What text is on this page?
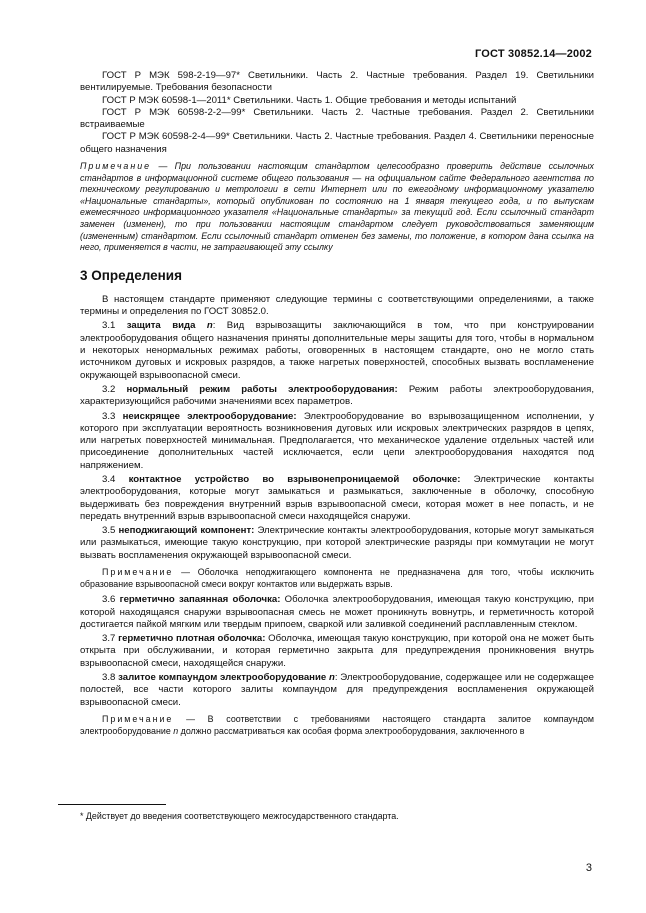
ГОСТ 30852.14—2002

ГОСТ Р МЭК 598-2-19—97* Светильники. Часть 2. Частные требования. Раздел 19. Светильники вентилируемые. Требования безопасности

ГОСТ Р МЭК 60598-1—2011* Светильники. Часть 1. Общие требования и методы испытаний

ГОСТ Р МЭК 60598-2-2—99* Светильники. Часть 2. Частные требования. Раздел 2. Светильники встраиваемые

ГОСТ Р МЭК 60598-2-4—99* Светильники. Часть 2. Частные требования. Раздел 4. Светильники переносные общего назначения

Примечание — При пользовании настоящим стандартом целесообразно проверить действие ссылочных стандартов в информационной системе общего пользования — на официальном сайте Федерального агентства по техническому регулированию и метрологии в сети Интернет или по ежегодному информационному указателю «Национальные стандарты», который опубликован по состоянию на 1 января текущего года, и по выпускам ежемесячного информационного указателя «Национальные стандарты» за текущий год. Если ссылочный стандарт заменен (изменен), то при пользовании настоящим стандартом следует руководствоваться заменяющим (измененным) стандартом. Если ссылочный стандарт отменен без замены, то положение, в котором дана ссылка на него, применяется в части, не затрагивающей эту ссылку

3 Определения

В настоящем стандарте применяют следующие термины с соответствующими определениями, а также термины и определения по ГОСТ 30852.0.

3.1 защита вида n: Вид взрывозащиты заключающийся в том, что при конструировании электрооборудования общего назначения приняты дополнительные меры защиты для того, чтобы в нормальном и некоторых ненормальных режимах работы, оговоренных в настоящем стандарте, оно не могло стать источником дуговых и искровых разрядов, а также нагретых поверхностей, способных вызвать воспламенение окружающей взрывоопасной смеси.

3.2 нормальный режим работы электрооборудования: Режим работы электрооборудования, характеризующийся рабочими значениями всех параметров.

3.3 неискрящее электрооборудование: Электрооборудование во взрывозащищенном исполнении, у которого при эксплуатации вероятность возникновения дуговых или искровых электрических разрядов в цепях, или нагретых поверхностей минимальная. Предполагается, что механическое удаление отдельных частей или присоединение дополнительных частей исключается, если цепи электрооборудования находятся под напряжением.

3.4 контактное устройство во взрывонепроницаемой оболочке: Электрические контакты электрооборудования, которые могут замыкаться и размыкаться, заключенные в оболочку, способную выдерживать без повреждения внутренний взрыв взрывоопасной смеси, которая может в нее попасть, и не передать внутренний взрыв взрывоопасной смеси находящейся снаружи.

3.5 неподжигающий компонент: Электрические контакты электрооборудования, которые могут замыкаться или размыкаться, имеющие такую конструкцию, при которой электрические разряды при коммутации не могут вызвать воспламенения окружающей взрывоопасной смеси.

Примечание — Оболочка неподжигающего компонента не предназначена для того, чтобы исключить образование взрывоопасной смеси вокруг контактов или выдержать взрыв.

3.6 герметично запаянная оболочка: Оболочка электрооборудования, имеющая такую конструкцию, при которой находящаяся снаружи взрывоопасная смесь не может проникнуть вовнутрь, и герметичность которой достигается пайкой мягким или твердым припоем, сваркой или заливкой соединений расплавленным стеклом.

3.7 герметично плотная оболочка: Оболочка, имеющая такую конструкцию, при которой она не может быть открыта при обслуживании, и которая герметично закрыта для предупреждения проникновения внутрь взрывоопасной смеси, находящейся снаружи.

3.8 залитое компаундом электрооборудование n: Электрооборудование, содержащее или не содержащее полостей, все части которого залиты компаундом для предупреждения воспламенения окружающей взрывоопасной смеси.

Примечание — В соответствии с требованиями настоящего стандарта залитое компаундом электрооборудование n должно рассматриваться как особая форма электрооборудования, заключенного в

* Действует до введения соответствующего межгосударственного стандарта.
3
